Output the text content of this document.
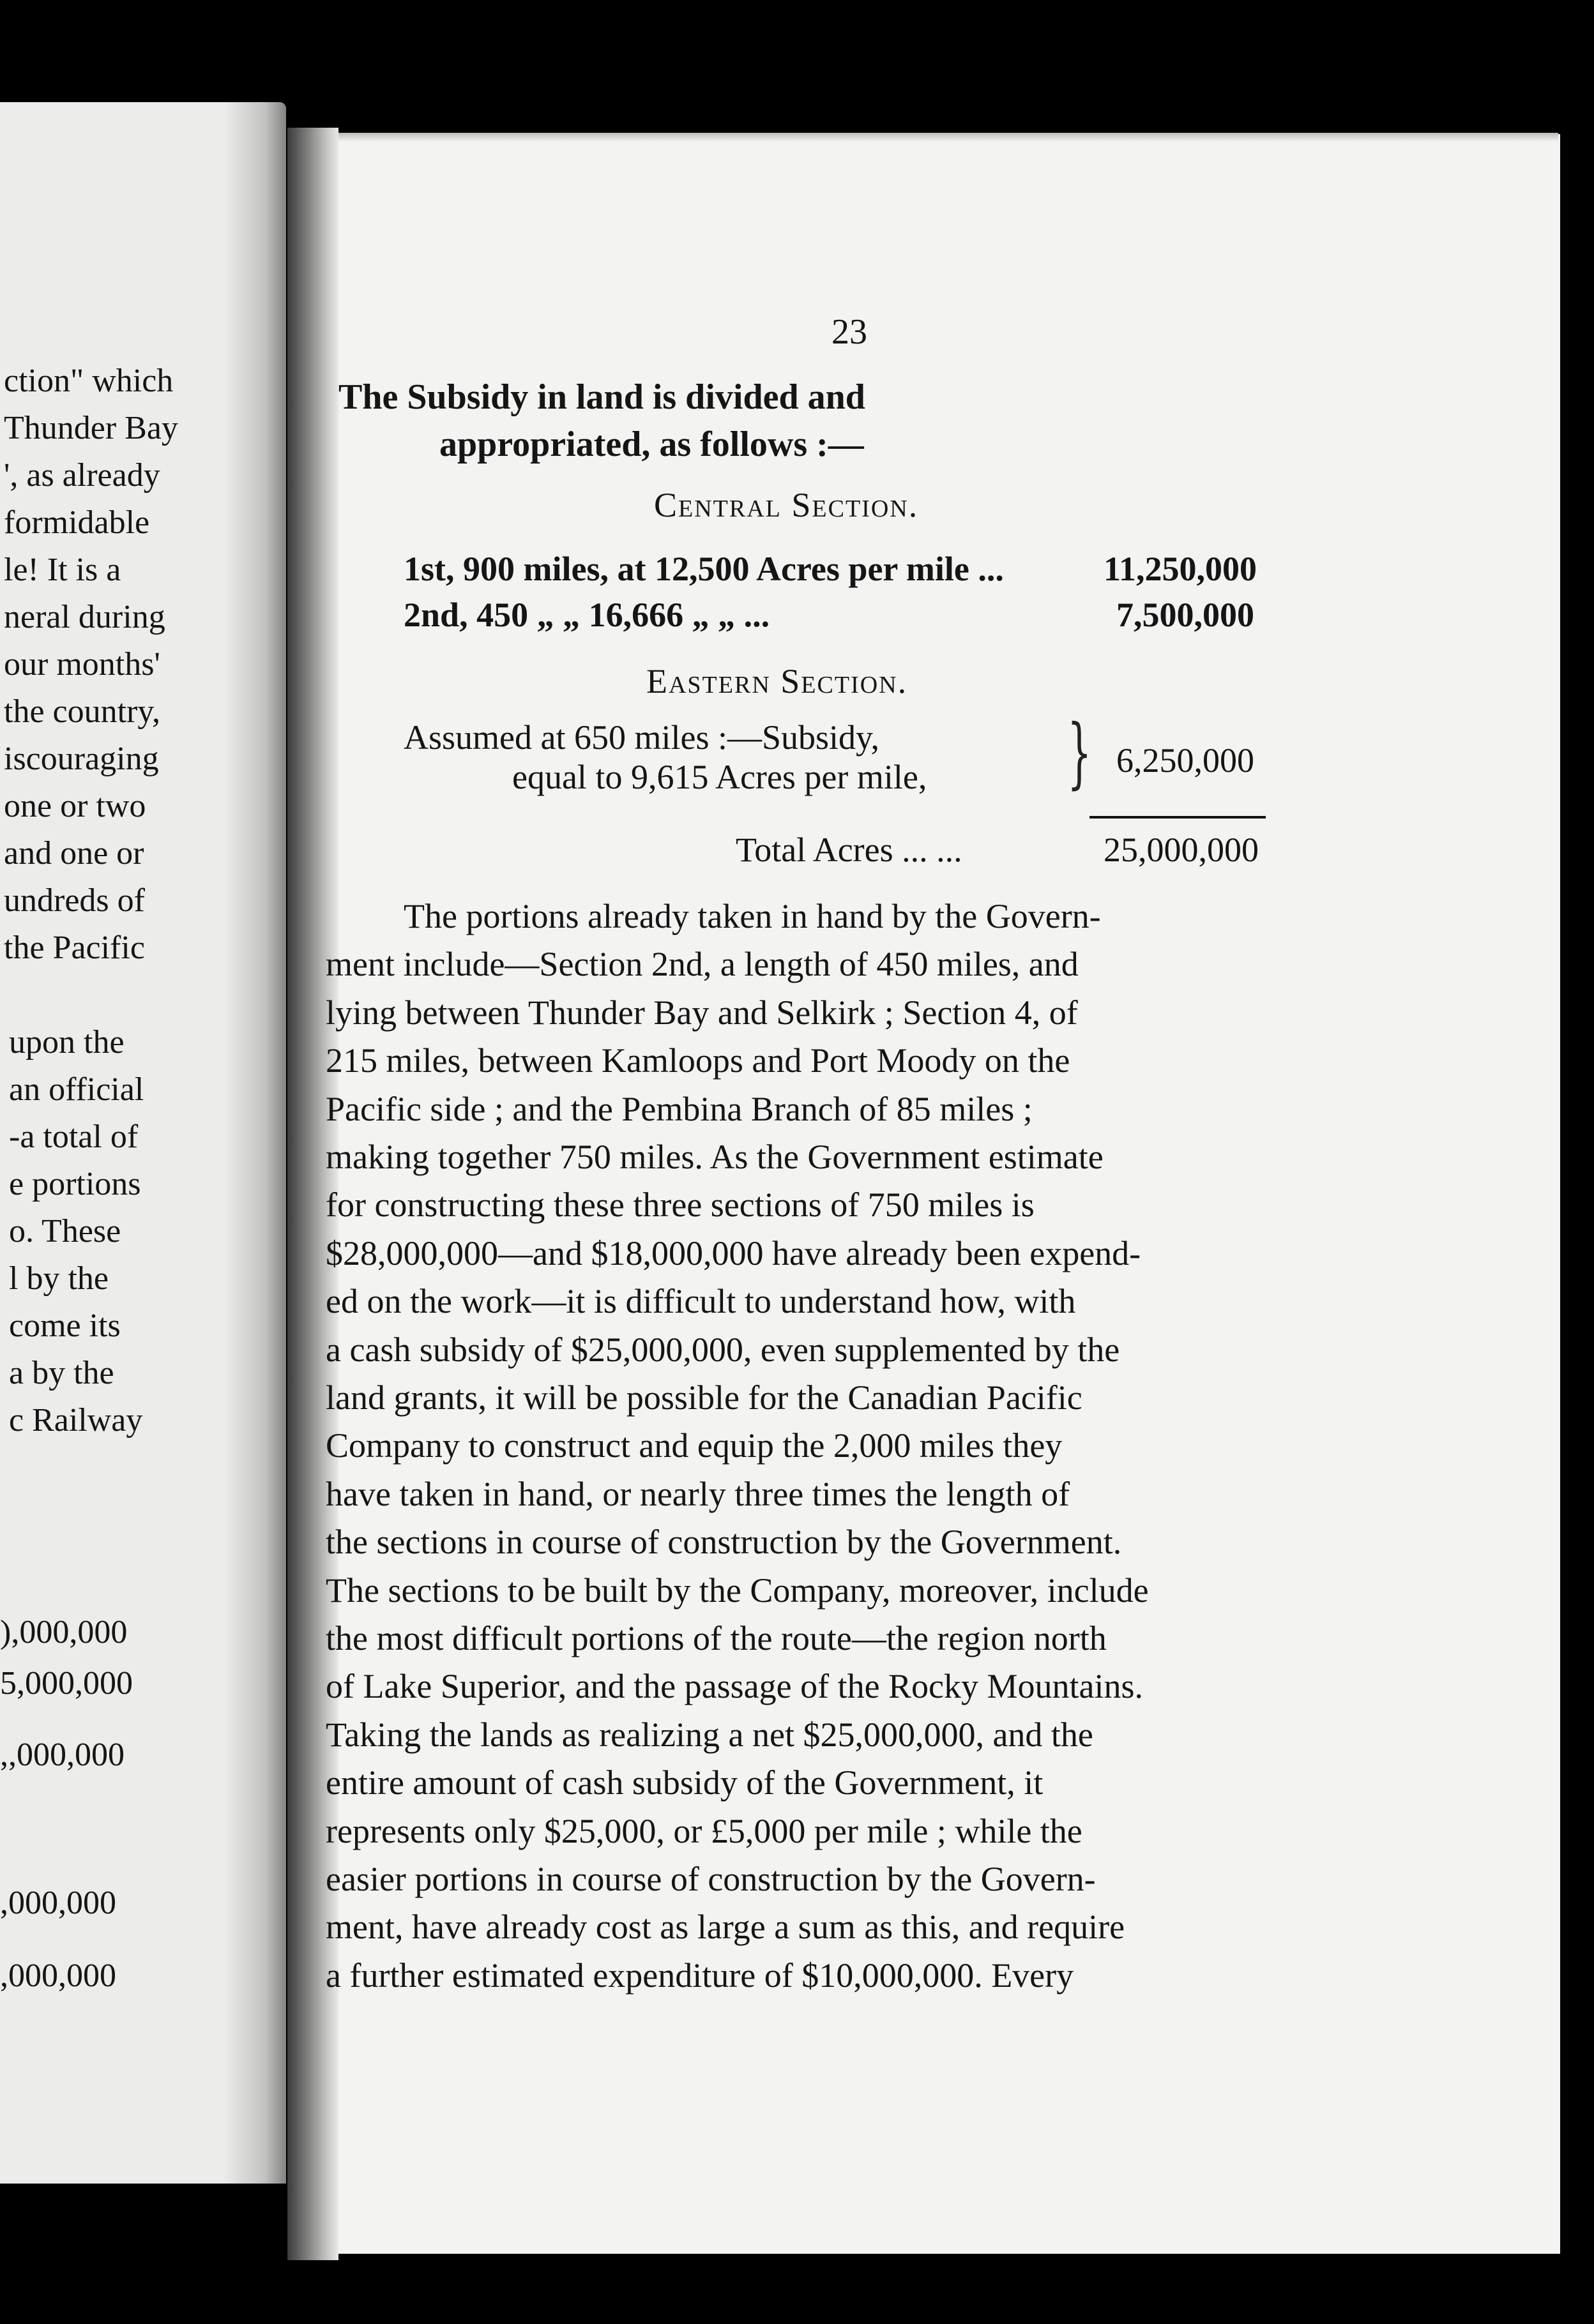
ction" which
Thunder Bay
', as already
formidable
le! It is a
neral during
our months'
the country,
iscouraging
one or two
and one or
undreds of
the Pacific
upon the
an official
-a total of
e portions
o. These
l by the
come its
a by the
c Railway
),000,000
5,000,000
,,000,000
,000,000
,000,000
23
The Subsidy in land is divided and
appropriated, as follows :—
Central Section.
1st, 900 miles, at 12,500 Acres per mile ...	11,250,000
2nd, 450 „ „ 16,666 „ „ ...	7,500,000
Eastern Section.
Assumed at 650 miles :—Subsidy,
equal to 9,615 Acres per mile, } 6,250,000
Total Acres ... ...	25,000,000
The portions already taken in hand by the Govern-
ment include—Section 2nd, a length of 450 miles, and
lying between Thunder Bay and Selkirk ; Section 4, of
215 miles, between Kamloops and Port Moody on the
Pacific side ; and the Pembina Branch of 85 miles ;
making together 750 miles. As the Government estimate
for constructing these three sections of 750 miles is
$28,000,000—and $18,000,000 have already been expend-
ed on the work—it is difficult to understand how, with
a cash subsidy of $25,000,000, even supplemented by the
land grants, it will be possible for the Canadian Pacific
Company to construct and equip the 2,000 miles they
have taken in hand, or nearly three times the length of
the sections in course of construction by the Government.
The sections to be built by the Company, moreover, include
the most difficult portions of the route—the region north
of Lake Superior, and the passage of the Rocky Mountains.
Taking the lands as realizing a net $25,000,000, and the
entire amount of cash subsidy of the Government, it
represents only $25,000, or £5,000 per mile ; while the
easier portions in course of construction by the Govern-
ment, have already cost as large a sum as this, and require
a further estimated expenditure of $10,000,000. Every
